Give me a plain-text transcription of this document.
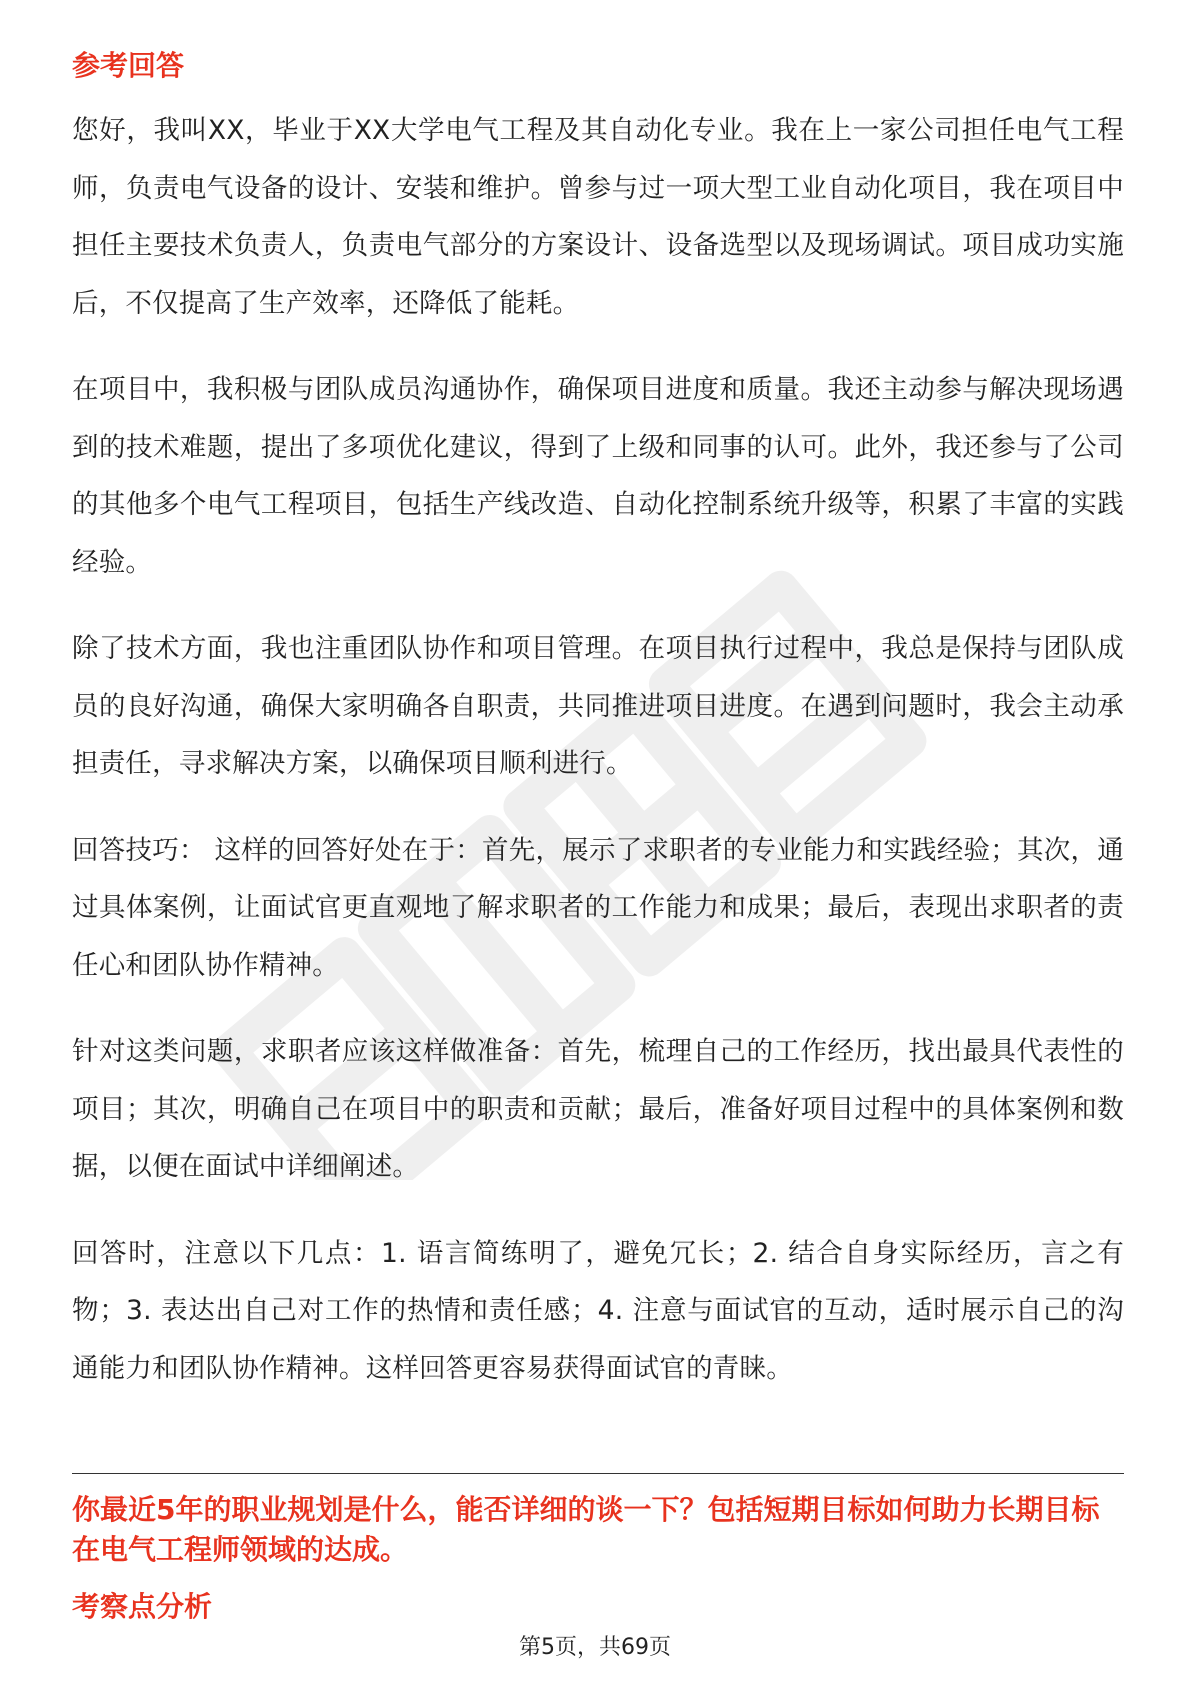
参考回答

您好，我叫XX，毕业于XX大学电气工程及其自动化专业。我在上一家公司担任电气工程师，负责电气设备的设计、安装和维护。曾参与过一项大型工业自动化项目，我在项目中担任主要技术负责人，负责电气部分的方案设计、设备选型以及现场调试。项目成功实施后，不仅提高了生产效率，还降低了能耗。

在项目中，我积极与团队成员沟通协作，确保项目进度和质量。我还主动参与解决现场遇到的技术难题，提出了多项优化建议，得到了上级和同事的认可。此外，我还参与了公司的其他多个电气工程项目，包括生产线改造、自动化控制系统升级等，积累了丰富的实践经验。

除了技术方面，我也注重团队协作和项目管理。在项目执行过程中，我总是保持与团队成员的良好沟通，确保大家明确各自职责，共同推进项目进度。在遇到问题时，我会主动承担责任，寻求解决方案，以确保项目顺利进行。

回答技巧： 这样的回答好处在于：首先，展示了求职者的专业能力和实践经验；其次，通过具体案例，让面试官更直观地了解求职者的工作能力和成果；最后，表现出求职者的责任心和团队协作精神。

针对这类问题，求职者应该这样做准备：首先，梳理自己的工作经历，找出最具代表性的项目；其次，明确自己在项目中的职责和贡献；最后，准备好项目过程中的具体案例和数据，以便在面试中详细阐述。

回答时，注意以下几点：1. 语言简练明了，避免冗长；2. 结合自身实际经历，言之有物；3. 表达出自己对工作的热情和责任感；4. 注意与面试官的互动，适时展示自己的沟通能力和团队协作精神。这样回答更容易获得面试官的青睐。

你最近5年的职业规划是什么，能否详细的谈一下？包括短期目标如何助力长期目标在电气工程师领域的达成。
考察点分析
第5页，共69页
